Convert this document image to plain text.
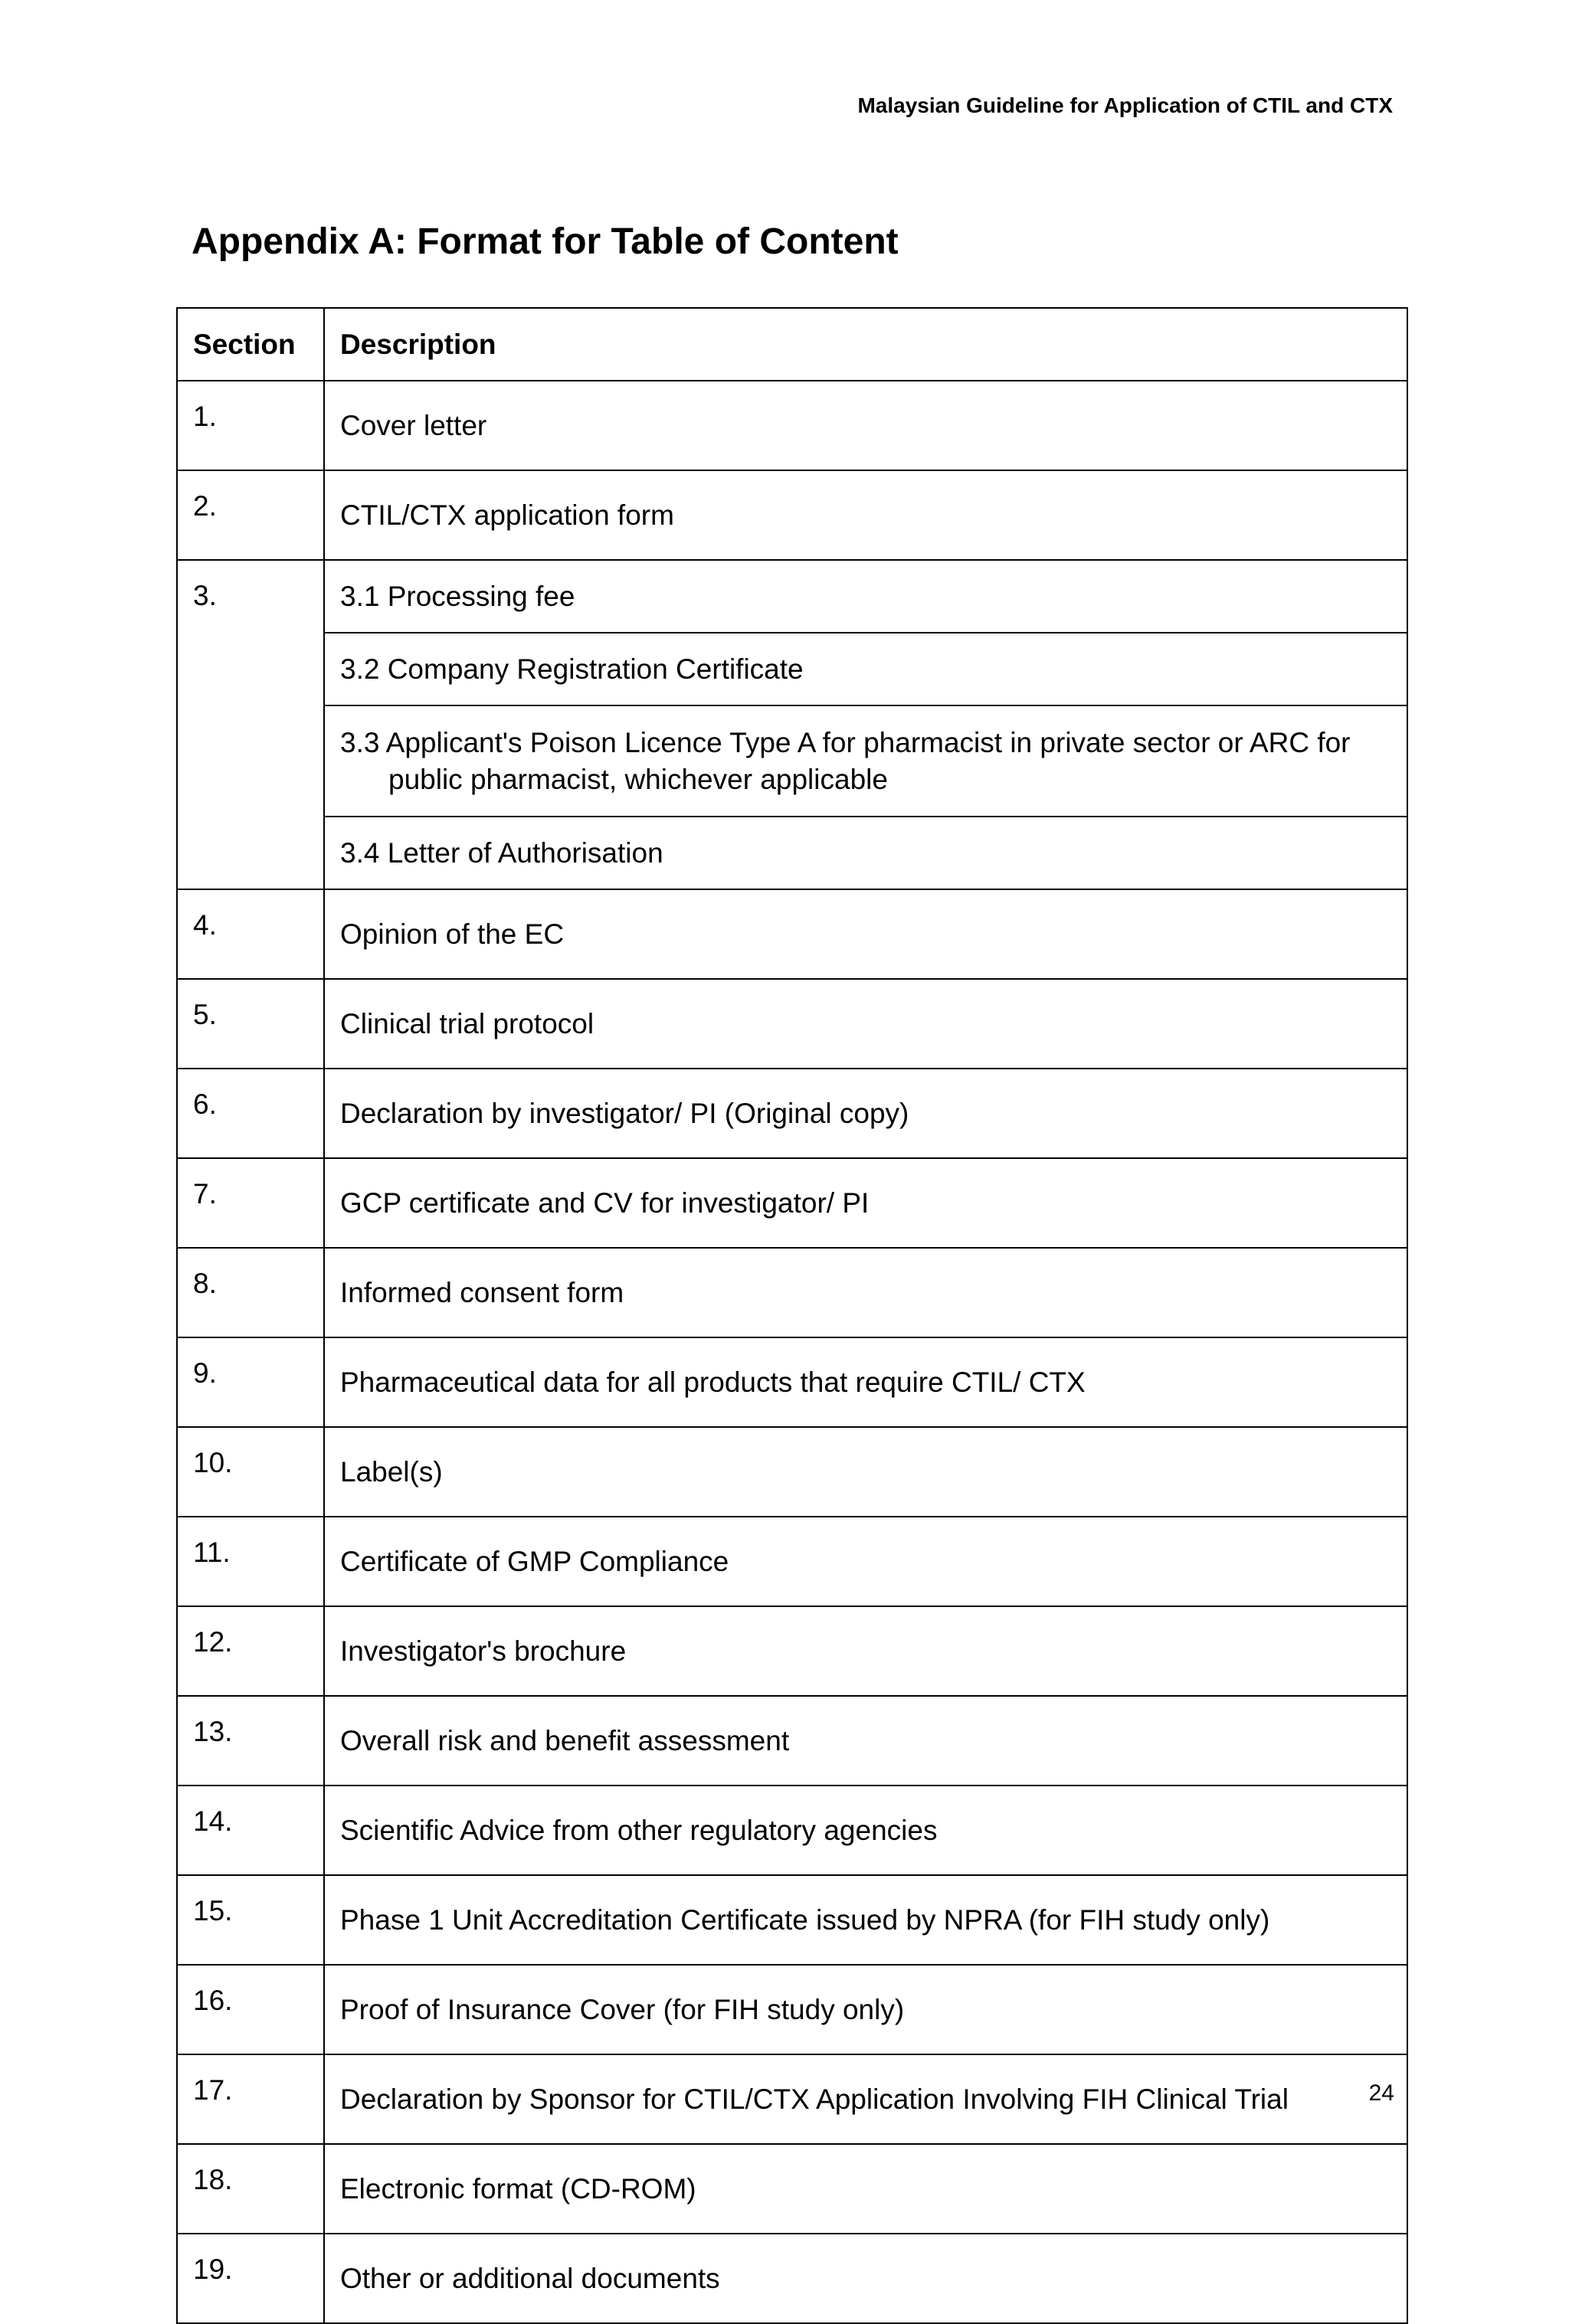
Malaysian Guideline for Application of CTIL and CTX
Appendix A: Format for Table of Content
Section	Description
1.	Cover letter
2.	CTIL/CTX application form
3.	3.1 Processing fee
	3.2 Company Registration Certificate
	3.3 Applicant's Poison Licence Type A for pharmacist in private sector or ARC for public pharmacist, whichever applicable
	3.4 Letter of Authorisation
4.	Opinion of the EC
5.	Clinical trial protocol
6.	Declaration by investigator/ PI (Original copy)
7.	GCP certificate and CV for investigator/ PI
8.	Informed consent form
9.	Pharmaceutical data for all products that require CTIL/ CTX
10.	Label(s)
11.	Certificate of GMP Compliance
12.	Investigator's brochure
13.	Overall risk and benefit assessment
14.	Scientific Advice from other regulatory agencies
15.	Phase 1 Unit Accreditation Certificate issued by NPRA (for FIH study only)
16.	Proof of Insurance Cover (for FIH study only)
17.	Declaration by Sponsor for CTIL/CTX Application Involving FIH Clinical Trial
18.	Electronic format (CD-ROM)
19.	Other or additional documents
24
